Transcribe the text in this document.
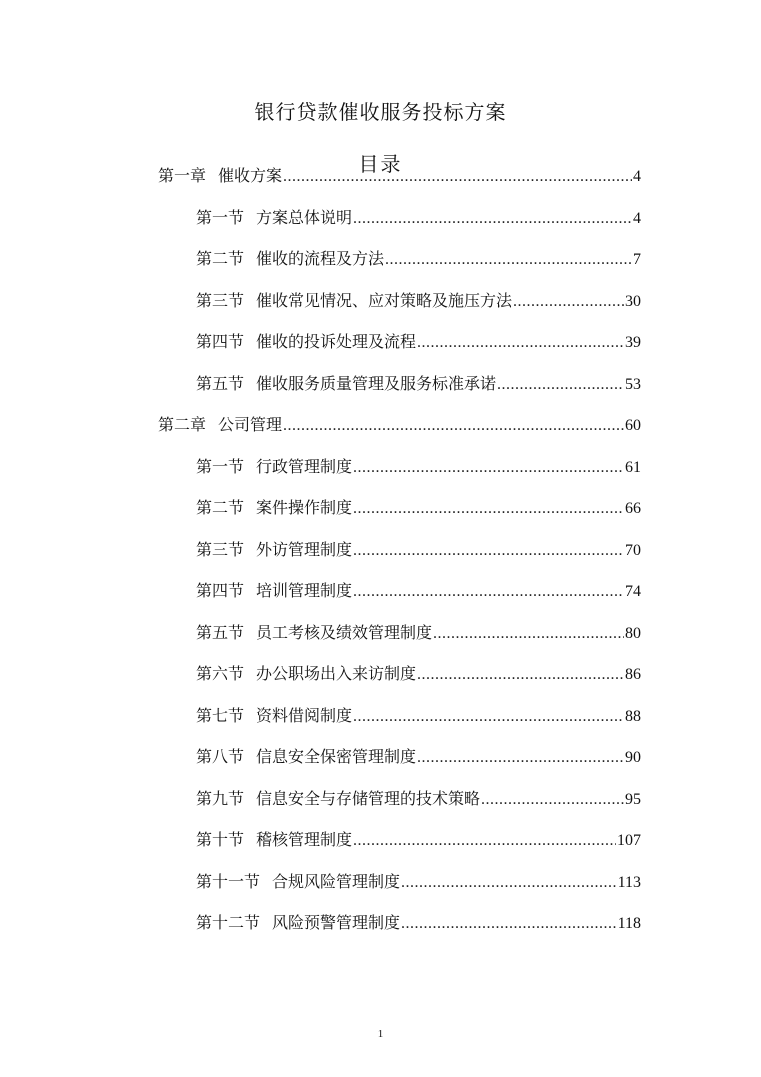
银行贷款催收服务投标方案
目录
第一章 催收方案 .....	4
第一节 方案总体说明 .....	4
第二节 催收的流程及方法 .....	7
第三节 催收常见情况、应对策略及施压方法 .....	30
第四节 催收的投诉处理及流程 .....	39
第五节 催收服务质量管理及服务标准承诺 .....	53
第二章 公司管理 .....	60
第一节 行政管理制度 .....	61
第二节 案件操作制度 .....	66
第三节 外访管理制度 .....	70
第四节 培训管理制度 .....	74
第五节 员工考核及绩效管理制度 .....	80
第六节 办公职场出入来访制度 .....	86
第七节 资料借阅制度 .....	88
第八节 信息安全保密管理制度 .....	90
第九节 信息安全与存储管理的技术策略 .....	95
第十节 稽核管理制度 .....	107
第十一节 合规风险管理制度 .....	113
第十二节 风险预警管理制度 .....	118
1
